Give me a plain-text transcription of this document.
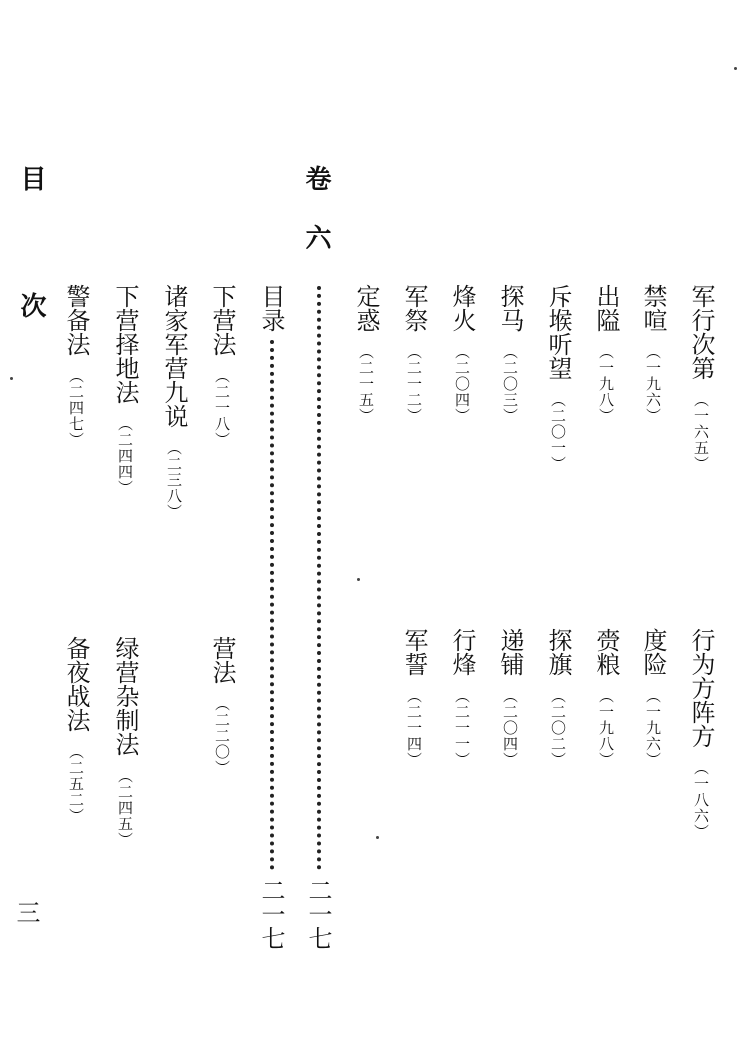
目
次
三
卷
六
军行次第（一六五）
禁喧（一九六）
出隘（一九八）
斥堠听望（二〇一）
探马（二〇三）
烽火（二〇四）
军祭（二一二）
定惑（二一五）
行为方阵方（一八六）
度险（一九六）
赍粮（一九八）
探旗（二〇二）
递铺（二〇四）
行烽（二一一）
军誓（二一四）
二一七
目录
二一七
下营法（二一八）
诸家军营九说（二三八）
下营择地法（二四四）
警备法（二四七）
营法（二二〇）
绿营杂制法（二四五）
备夜战法（二五二）
